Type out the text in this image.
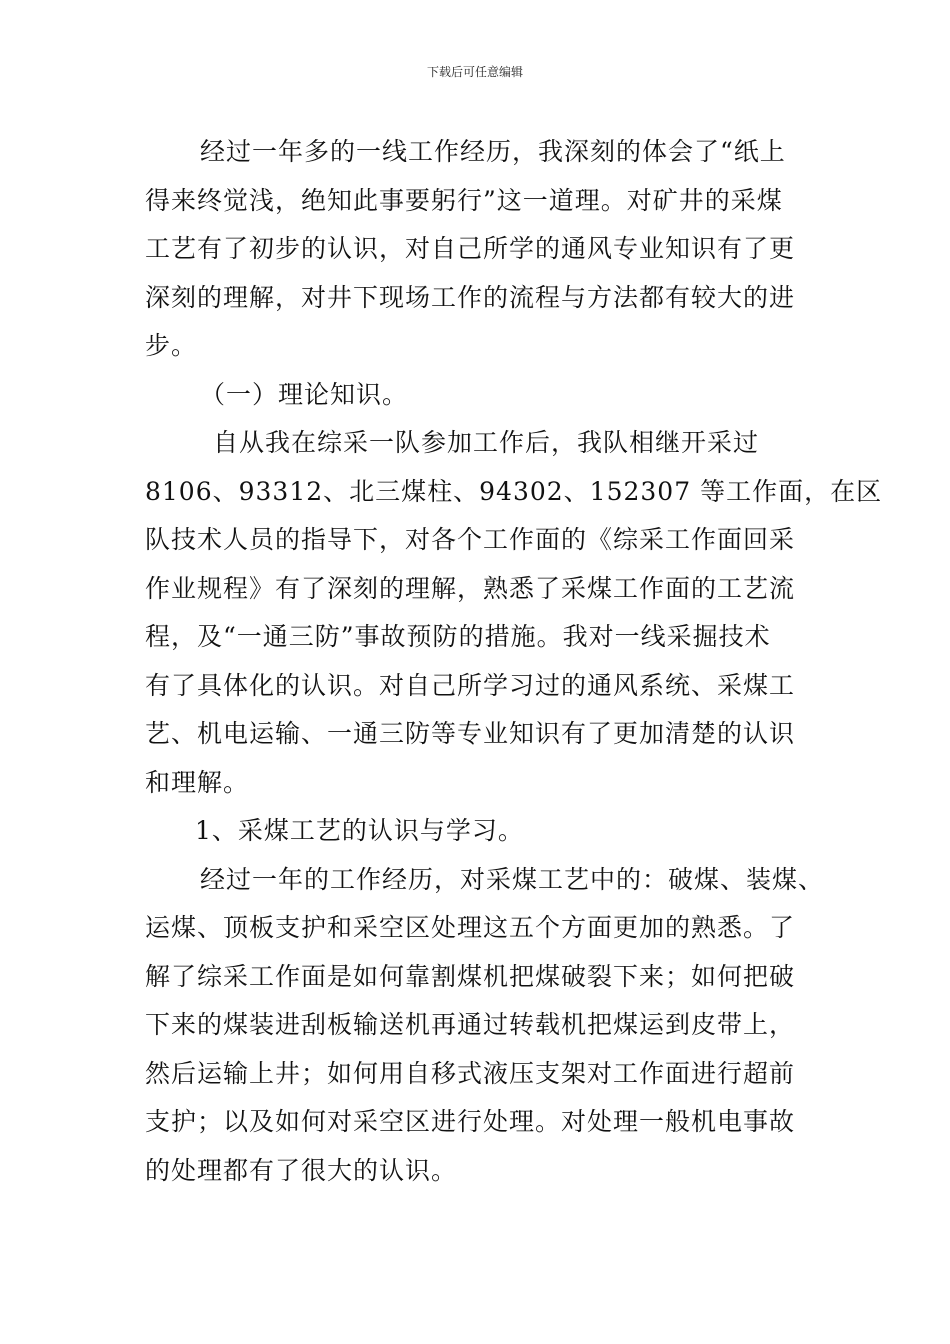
下载后可任意编辑

经过一年多的一线工作经历，我深刻的体会了“纸上
得来终觉浅，绝知此事要躬行”这一道理。对矿井的采煤
工艺有了初步的认识，对自己所学的通风专业知识有了更
深刻的理解，对井下现场工作的流程与方法都有较大的进
步。

（一）理论知识。

自从我在综采一队参加工作后，我队相继开采过
8106、93312、北三煤柱、94302、152307 等工作面，在区
队技术人员的指导下，对各个工作面的《综采工作面回采
作业规程》有了深刻的理解，熟悉了采煤工作面的工艺流
程，及“一通三防”事故预防的措施。我对一线采掘技术
有了具体化的认识。对自己所学习过的通风系统、采煤工
艺、机电运输、一通三防等专业知识有了更加清楚的认识
和理解。

1、采煤工艺的认识与学习。

经过一年的工作经历，对采煤工艺中的：破煤、装煤、
运煤、顶板支护和采空区处理这五个方面更加的熟悉。了
解了综采工作面是如何靠割煤机把煤破裂下来；如何把破
下来的煤装进刮板输送机再通过转载机把煤运到皮带上，
然后运输上井；如何用自移式液压支架对工作面进行超前
支护；以及如何对采空区进行处理。对处理一般机电事故
的处理都有了很大的认识。
